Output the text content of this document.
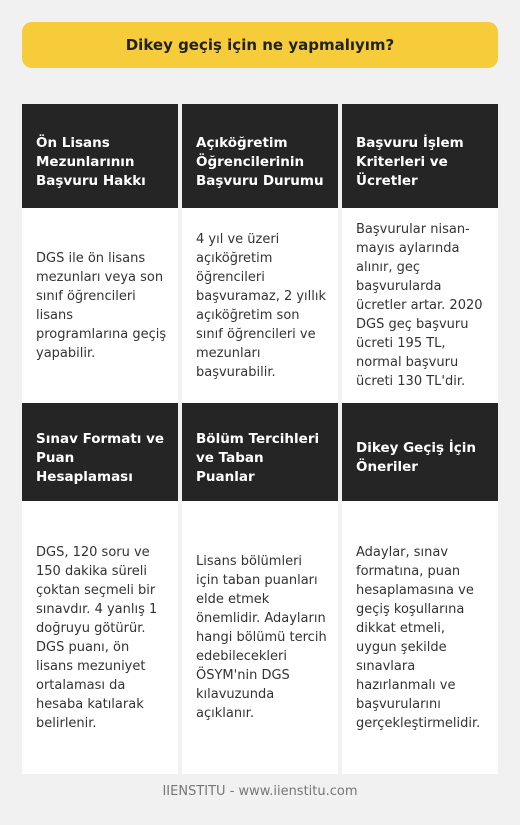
Dikey geçiş için ne yapmalıyım?
Ön Lisans Mezunlarının Başvuru Hakkı
Açıköğretim Öğrencilerinin Başvuru Durumu
Başvuru İşlem Kriterleri ve Ücretler
DGS ile ön lisans mezunları veya son sınıf öğrencileri lisans programlarına geçiş yapabilir.
4 yıl ve üzeri açıköğretim öğrencileri başvuramaz, 2 yıllık açıköğretim son sınıf öğrencileri ve mezunları başvurabilir.
Başvurular nisan-mayıs aylarında alınır, geç başvurularda ücretler artar. 2020 DGS geç başvuru ücreti 195 TL, normal başvuru ücreti 130 TL'dir.
Sınav Formatı ve Puan Hesaplaması
Bölüm Tercihleri ve Taban Puanlar
Dikey Geçiş İçin Öneriler
DGS, 120 soru ve 150 dakika süreli çoktan seçmeli bir sınavdır. 4 yanlış 1 doğruyu götürür. DGS puanı, ön lisans mezuniyet ortalaması da hesaba katılarak belirlenir.
Lisans bölümleri için taban puanları elde etmek önemlidir. Adayların hangi bölümü tercih edebilecekleri ÖSYM'nin DGS kılavuzunda açıklanır.
Adaylar, sınav formatına, puan hesaplamasına ve geçiş koşullarına dikkat etmeli, uygun şekilde sınavlara hazırlanmalı ve başvurularını gerçekleştirmelidir.
IIENSTITU - www.iienstitu.com
